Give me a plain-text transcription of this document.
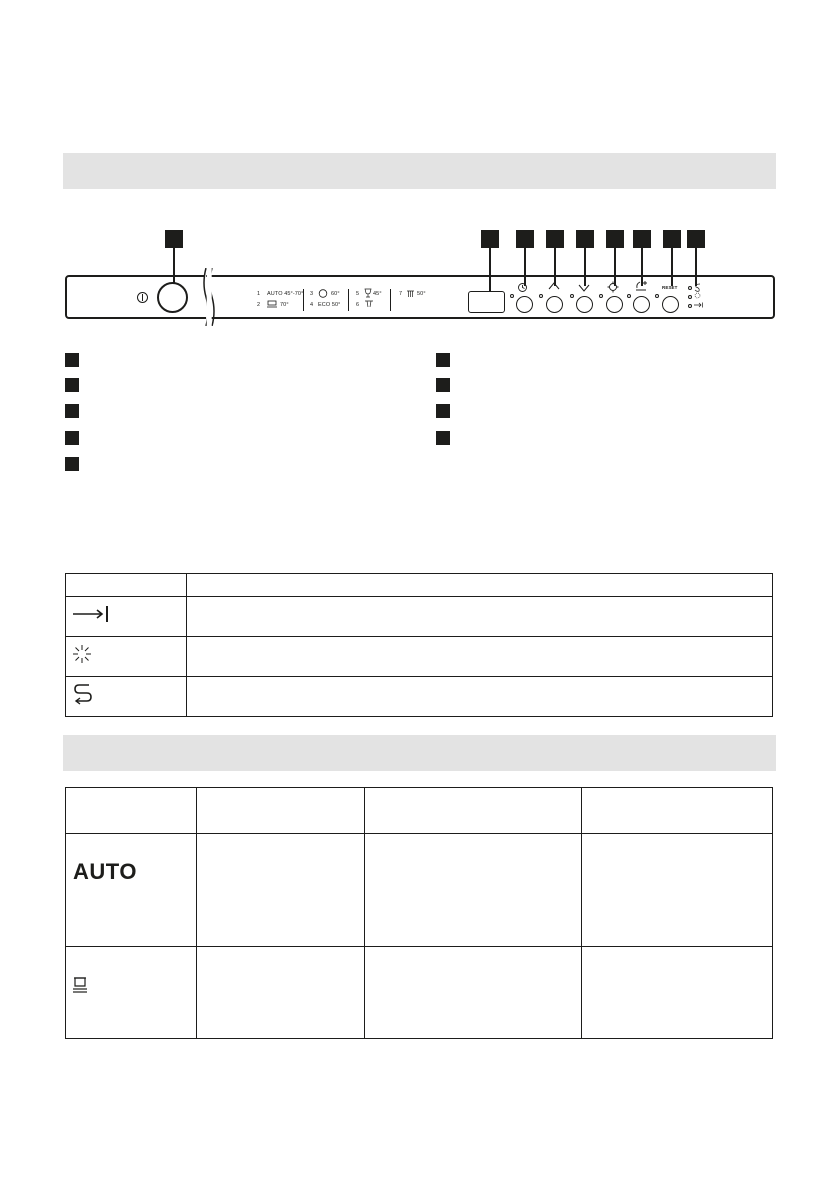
1 AUTO 45°-70°
2	70°
3	60°
4 ECO 50°
5	45°
6
7	50°
RESET

AUTO			
